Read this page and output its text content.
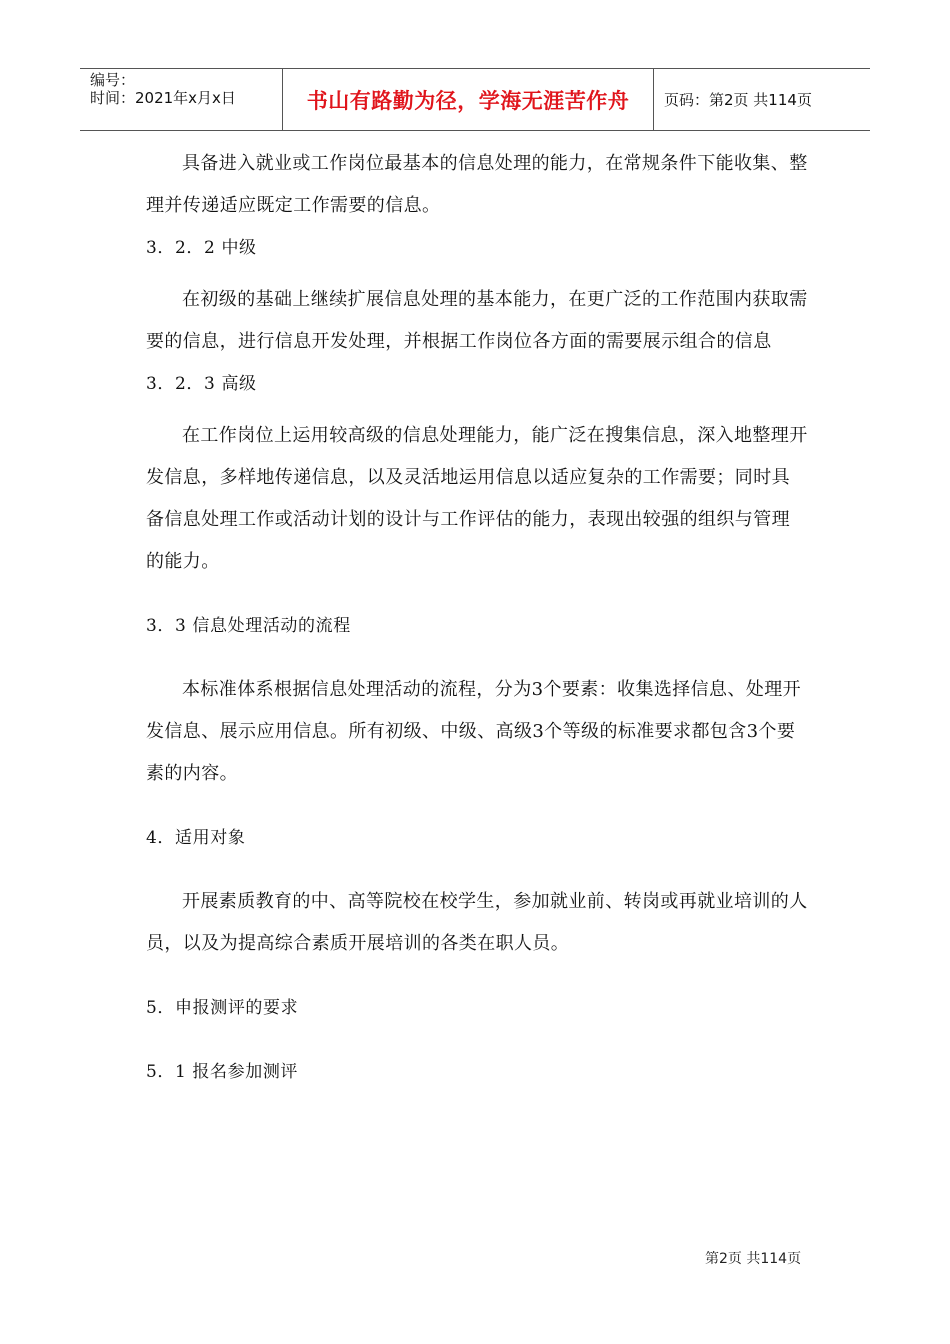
编号：
时间：2021年x月x日	书山有路勤为径，学海无涯苦作舟 页码：第2页 共114页

具备进入就业或工作岗位最基本的信息处理的能力，在常规条件下能收集、整理并传递适应既定工作需要的信息。

3．2．2 中级

在初级的基础上继续扩展信息处理的基本能力，在更广泛的工作范围内获取需要的信息，进行信息开发处理，并根据工作岗位各方面的需要展示组合的信息

3．2．3 高级

在工作岗位上运用较高级的信息处理能力，能广泛在搜集信息，深入地整理开发信息，多样地传递信息，以及灵活地运用信息以适应复杂的工作需要；同时具备信息处理工作或活动计划的设计与工作评估的能力，表现出较强的组织与管理的能力。

3．3 信息处理活动的流程

本标准体系根据信息处理活动的流程，分为3个要素：收集选择信息、处理开发信息、展示应用信息。所有初级、中级、高级3个等级的标准要求都包含3个要素的内容。

4．适用对象

开展素质教育的中、高等院校在校学生，参加就业前、转岗或再就业培训的人员，以及为提高综合素质开展培训的各类在职人员。

5．申报测评的要求

5．1 报名参加测评

第2页 共114页
